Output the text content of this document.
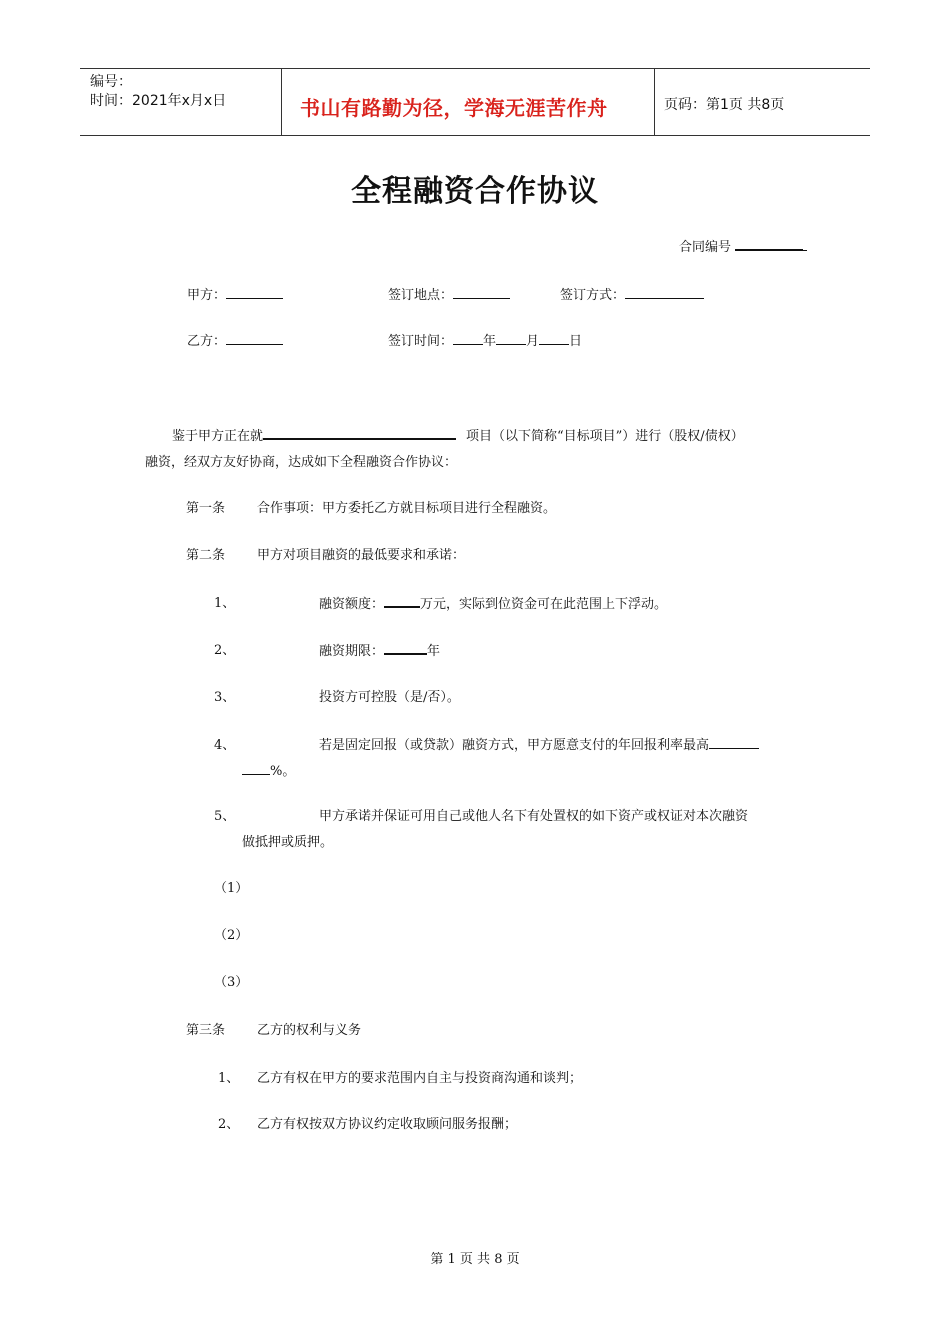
编号：
时间：2021年x月x日	书山有路勤为径，学海无涯苦作舟	页码：第1页 共8页
全程融资合作协议
合同编号
甲方：	签订地点：	签订方式：
乙方：	签订时间： 年 月 日
鉴于甲方正在就	项目（以下简称“目标项目”）进行（股权/债权）
融资，经双方友好协商，达成如下全程融资合作协议：
第一条 合作事项：甲方委托乙方就目标项目进行全程融资。
第二条 甲方对项目融资的最低要求和承诺：
1、	融资额度：	万元，实际到位资金可在此范围上下浮动。
2、	融资期限：	年
3、	投资方可控股（是/否）。
4、	若是固定回报（或贷款）融资方式，甲方愿意支付的年回报利率最高
%。
5、	甲方承诺并保证可用自己或他人名下有处置权的如下资产或权证对本次融资
做抵押或质押。
（1）
（2）
（3）
第三条 乙方的权利与义务
1、 乙方有权在甲方的要求范围内自主与投资商沟通和谈判；
2、 乙方有权按双方协议约定收取顾问服务报酬；
第 1 页 共 8 页
